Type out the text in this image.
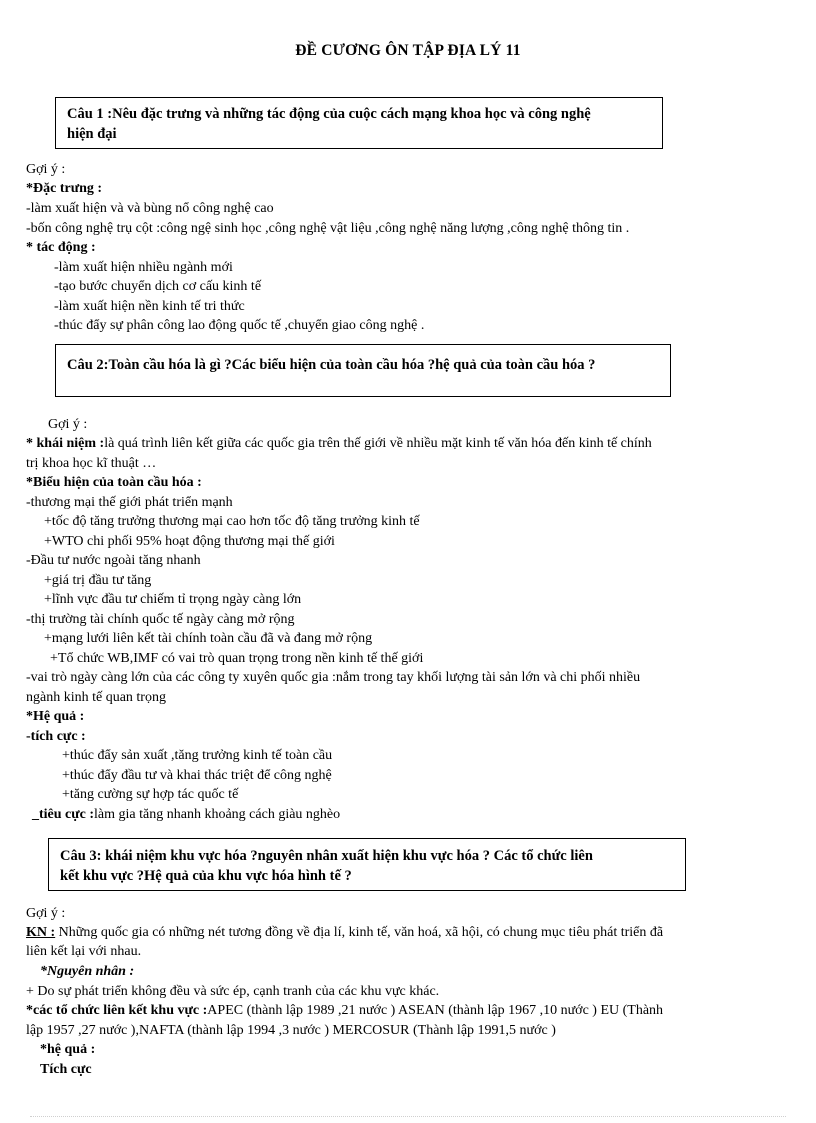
ĐỀ CƯƠNG ÔN TẬP ĐỊA LÝ 11
Câu 1 :Nêu đặc trưng và những tác động của cuộc cách mạng khoa học và công nghệ
hiện đại
Gợi ý :
*Đặc trưng :
-làm xuất hiện và và bùng nổ công nghệ cao
-bốn công nghệ trụ cột :công ngệ sinh học ,công nghệ vật liệu ,công nghệ năng lượng ,công nghệ thông tin .
* tác động :
-làm xuất hiện nhiều ngành mới
-tạo bước chuyển dịch cơ cấu kinh tế
-làm xuất hiện nền kinh tế tri thức
-thúc đẩy sự phân công lao động quốc tế ,chuyển giao công nghệ .
Câu 2:Toàn cầu hóa là gì ?Các biểu hiện của toàn cầu hóa ?hệ quả của toàn cầu hóa ?
Gợi ý :
* khái niệm :là quá trình liên kết giữa các quốc gia trên thế giới về nhiều mặt kinh tế văn hóa đến kinh tế chính
trị khoa học kĩ thuật …
*Biểu hiện của toàn cầu hóa :
-thương mại thế giới phát triển mạnh
+tốc độ tăng trưởng thương mại cao hơn tốc độ tăng trưởng kinh tế
+WTO chi phối 95% hoạt động thương mại thế giới
-Đầu tư nước ngoài tăng nhanh
+giá trị đầu tư tăng
+lĩnh vực đầu tư chiếm tỉ trọng ngày càng lớn
-thị trường tài chính quốc tế ngày càng mở rộng
+mạng lưới liên kết tài chính toàn cầu đã và đang mở rộng
+Tổ chức WB,IMF có vai trò quan trọng trong nền kinh tế thế giới
-vai trò ngày càng lớn của các công ty xuyên quốc gia :nắm trong tay khối lượng tài sản lớn và chi phối nhiều
ngành kinh tế quan trọng
*Hệ quả :
-tích cực :
+thúc đẩy sản xuất ,tăng trưởng kinh tế toàn cầu
+thúc đẩy đầu tư và khai thác triệt để công nghệ
+tăng cường sự hợp tác quốc tế
_tiêu cực :làm gia tăng nhanh khoảng cách giàu nghèo
Câu 3: khái niệm khu vực hóa ?nguyên nhân xuất hiện khu vực hóa ? Các tổ chức liên
kết khu vực ?Hệ quả của khu vực hóa hình tế ?
Gợi ý :
KN : Những quốc gia có những nét tương đồng về địa lí, kinh tế, văn hoá, xã hội, có chung mục tiêu phát triển đã
liên kết lại với nhau.
*Nguyên nhân :
+ Do sự phát triển không đều và sức ép, cạnh tranh của các khu vực khác.
*các tổ chức liên kết khu vực :APEC (thành lập 1989 ,21 nước ) ASEAN (thành lập 1967 ,10 nước ) EU (Thành
lập 1957 ,27 nước ),NAFTA (thành lập 1994 ,3 nước ) MERCOSUR (Thành lập 1991,5 nước )
*hệ quả :
Tích cực
